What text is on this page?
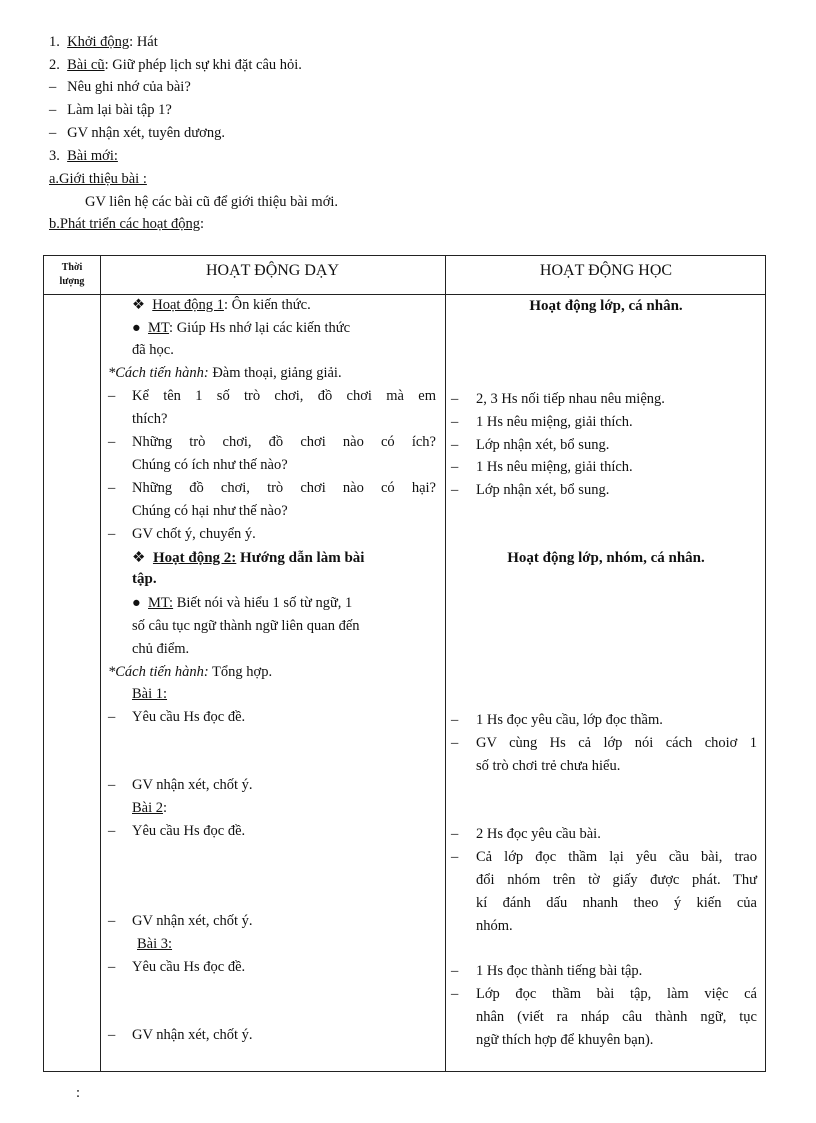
1. Khởi động: Hát
2. Bài cũ: Giữ phép lịch sự khi đặt câu hỏi.
– Nêu ghi nhớ của bài?
– Làm lại bài tập 1?
– GV nhận xét, tuyên dương.
3. Bài mới:
a.Giới thiệu bài :
GV liên hệ các bài cũ để giới thiệu bài mới.
b.Phát triển các hoạt động:
Thời
lượng
HOẠT ĐỘNG DẠY	HOẠT ĐỘNG HỌC
❖ Hoạt động 1: Ôn kiến thức.
● MT: Giúp Hs nhớ lại các kiến thức
đã học.
*Cách tiến hành: Đàm thoại, giảng giải.
– Kể tên 1 số trò chơi, đồ chơi mà em
thích?
– Những trò chơi, đồ chơi nào có ích?
Chúng có ích như thế nào?
– Những đồ chơi, trò chơi nào có hại?
Chúng có hại như thế nào?
– GV chốt ý, chuyển ý.
❖ Hoạt động 2: Hướng dẫn làm bài
tập.
● MT: Biết nói và hiểu 1 số từ ngữ, 1
số câu tục ngữ thành ngữ liên quan đến
chủ điểm.
*Cách tiến hành: Tổng hợp.
Bài 1:
– Yêu cầu Hs đọc đề.
– GV nhận xét, chốt ý.
Bài 2:
– Yêu cầu Hs đọc đề.
– GV nhận xét, chốt ý.
Bài 3:
– Yêu cầu Hs đọc đề.
– GV nhận xét, chốt ý.
Hoạt động lớp, cá nhân.
– 2, 3 Hs nối tiếp nhau nêu miệng.
– 1 Hs nêu miệng, giải thích.
– Lớp nhận xét, bổ sung.
– 1 Hs nêu miệng, giải thích.
– Lớp nhận xét, bổ sung.
Hoạt động lớp, nhóm, cá nhân.
– 1 Hs đọc yêu cầu, lớp đọc thầm.
– GV cùng Hs cả lớp nói cách choiơ 1
số trò chơi trẻ chưa hiểu.
– 2 Hs đọc yêu cầu bài.
– Cả lớp đọc thầm lại yêu cầu bài, trao
đổi nhóm trên tờ giấy được phát. Thư
kí đánh dấu nhanh theo ý kiến của
nhóm.
– 1 Hs đọc thành tiếng bài tập.
– Lớp đọc thầm bài tập, làm việc cá
nhân (viết ra nháp câu thành ngữ, tục
ngữ thích hợp để khuyên bạn).
:
